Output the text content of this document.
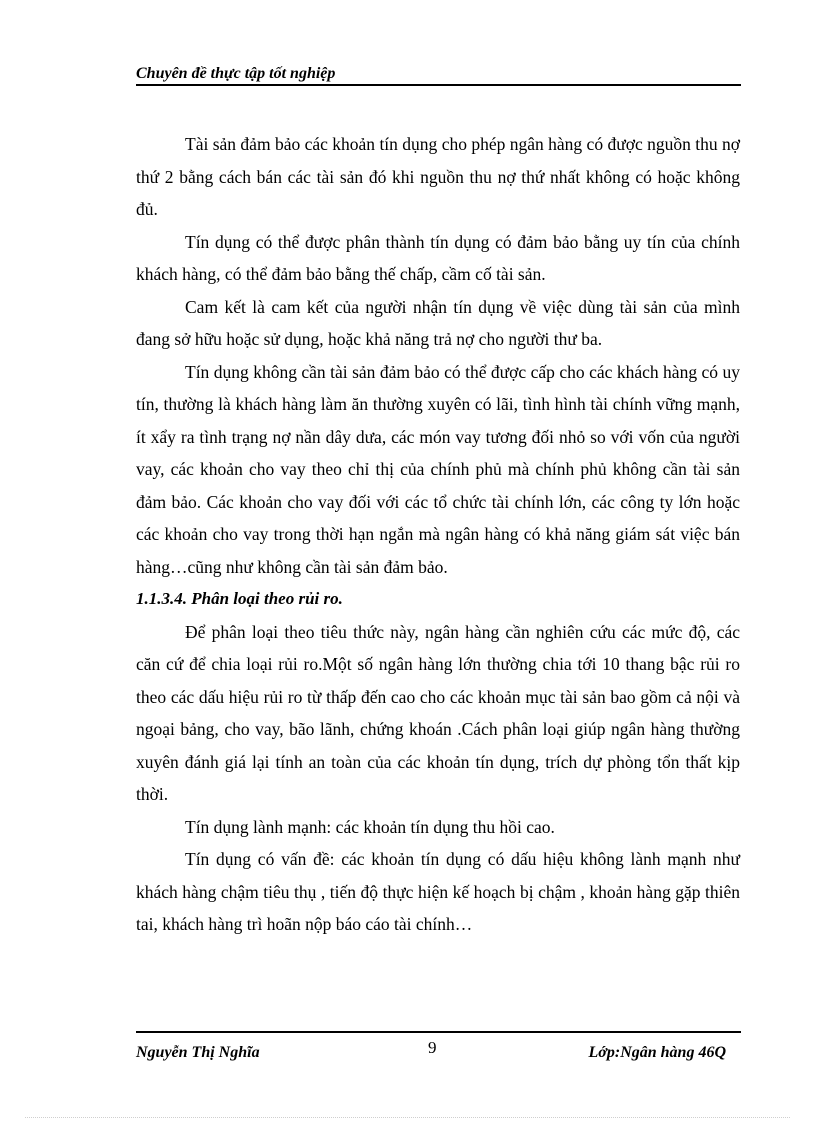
Chuyên đề thực tập tốt nghiệp

Tài sản đảm bảo các khoản tín dụng cho phép ngân hàng có được nguồn thu nợ thứ 2 bằng cách bán các tài sản đó khi nguồn thu nợ thứ nhất không có hoặc không đủ.

Tín dụng có thể được phân thành tín dụng có đảm bảo bằng uy tín của chính khách hàng, có thể đảm bảo bằng thế chấp, cầm cố tài sản.

Cam kết là cam kết của người nhận tín dụng về việc dùng tài sản của mình đang sở hữu hoặc sử dụng, hoặc khả năng trả nợ cho người thư ba.

Tín dụng không cần tài sản đảm bảo có thể được cấp cho các khách hàng có uy tín, thường là khách hàng làm ăn thường xuyên có lãi, tình hình tài chính vững mạnh, ít xẩy ra tình trạng nợ nần dây dưa, các món vay tương đối nhỏ so với vốn của người vay, các khoản cho vay theo chỉ thị của chính phủ mà chính phủ không cần tài sản đảm bảo. Các khoản cho vay đối với các tổ chức tài chính lớn, các công ty lớn hoặc các khoản cho vay trong thời hạn ngắn mà ngân hàng có khả năng giám sát việc bán hàng…cũng như không cần tài sản đảm bảo.

1.1.3.4. Phân loại theo rủi ro.

Để phân loại theo tiêu thức này, ngân hàng cần nghiên cứu các mức độ, các căn cứ để chia loại rủi ro.Một số ngân hàng lớn thường chia tới 10 thang bậc rủi ro theo các dấu hiệu rủi ro từ thấp đến cao cho các khoản mục tài sản bao gồm cả nội và ngoại bảng, cho vay, bão lãnh, chứng khoán .Cách phân loại giúp ngân hàng thường xuyên đánh giá lại tính an toàn của các khoản tín dụng, trích dự phòng tổn thất kịp thời.

Tín dụng lành mạnh: các khoản tín dụng thu hồi cao.

Tín dụng có vấn đề: các khoản tín dụng có dấu hiệu không lành mạnh như khách hàng chậm tiêu thụ , tiến độ thực hiện kế hoạch bị chậm , khoản hàng gặp thiên tai, khách hàng trì hoãn nộp báo cáo tài chính…

9
Nguyễn Thị Nghĩa	Lớp:Ngân hàng 46Q
